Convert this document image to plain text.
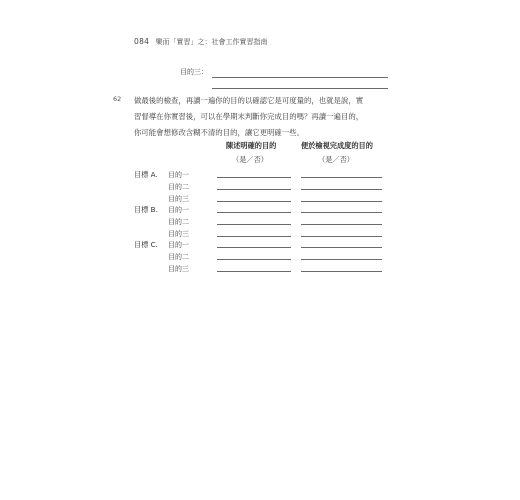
084 樂而「實習」之：社會工作實習指南
目的三：
62 做最後的檢查，再讀一遍你的目的以確認它是可度量的，也就是說，實
習督導在你實習後，可以在學期末判斷你完成目的嗎？再讀一遍目的，
你可能會想修改含糊不清的目的，讓它更明確一些。
陳述明確的目的	便於檢視完成度的目的
（是／否）	（是／否）
目標 A. 目的一
目的二
目的三
目標 B. 目的一
目的二
目的三
目標 C. 目的一
目的二
目的三
